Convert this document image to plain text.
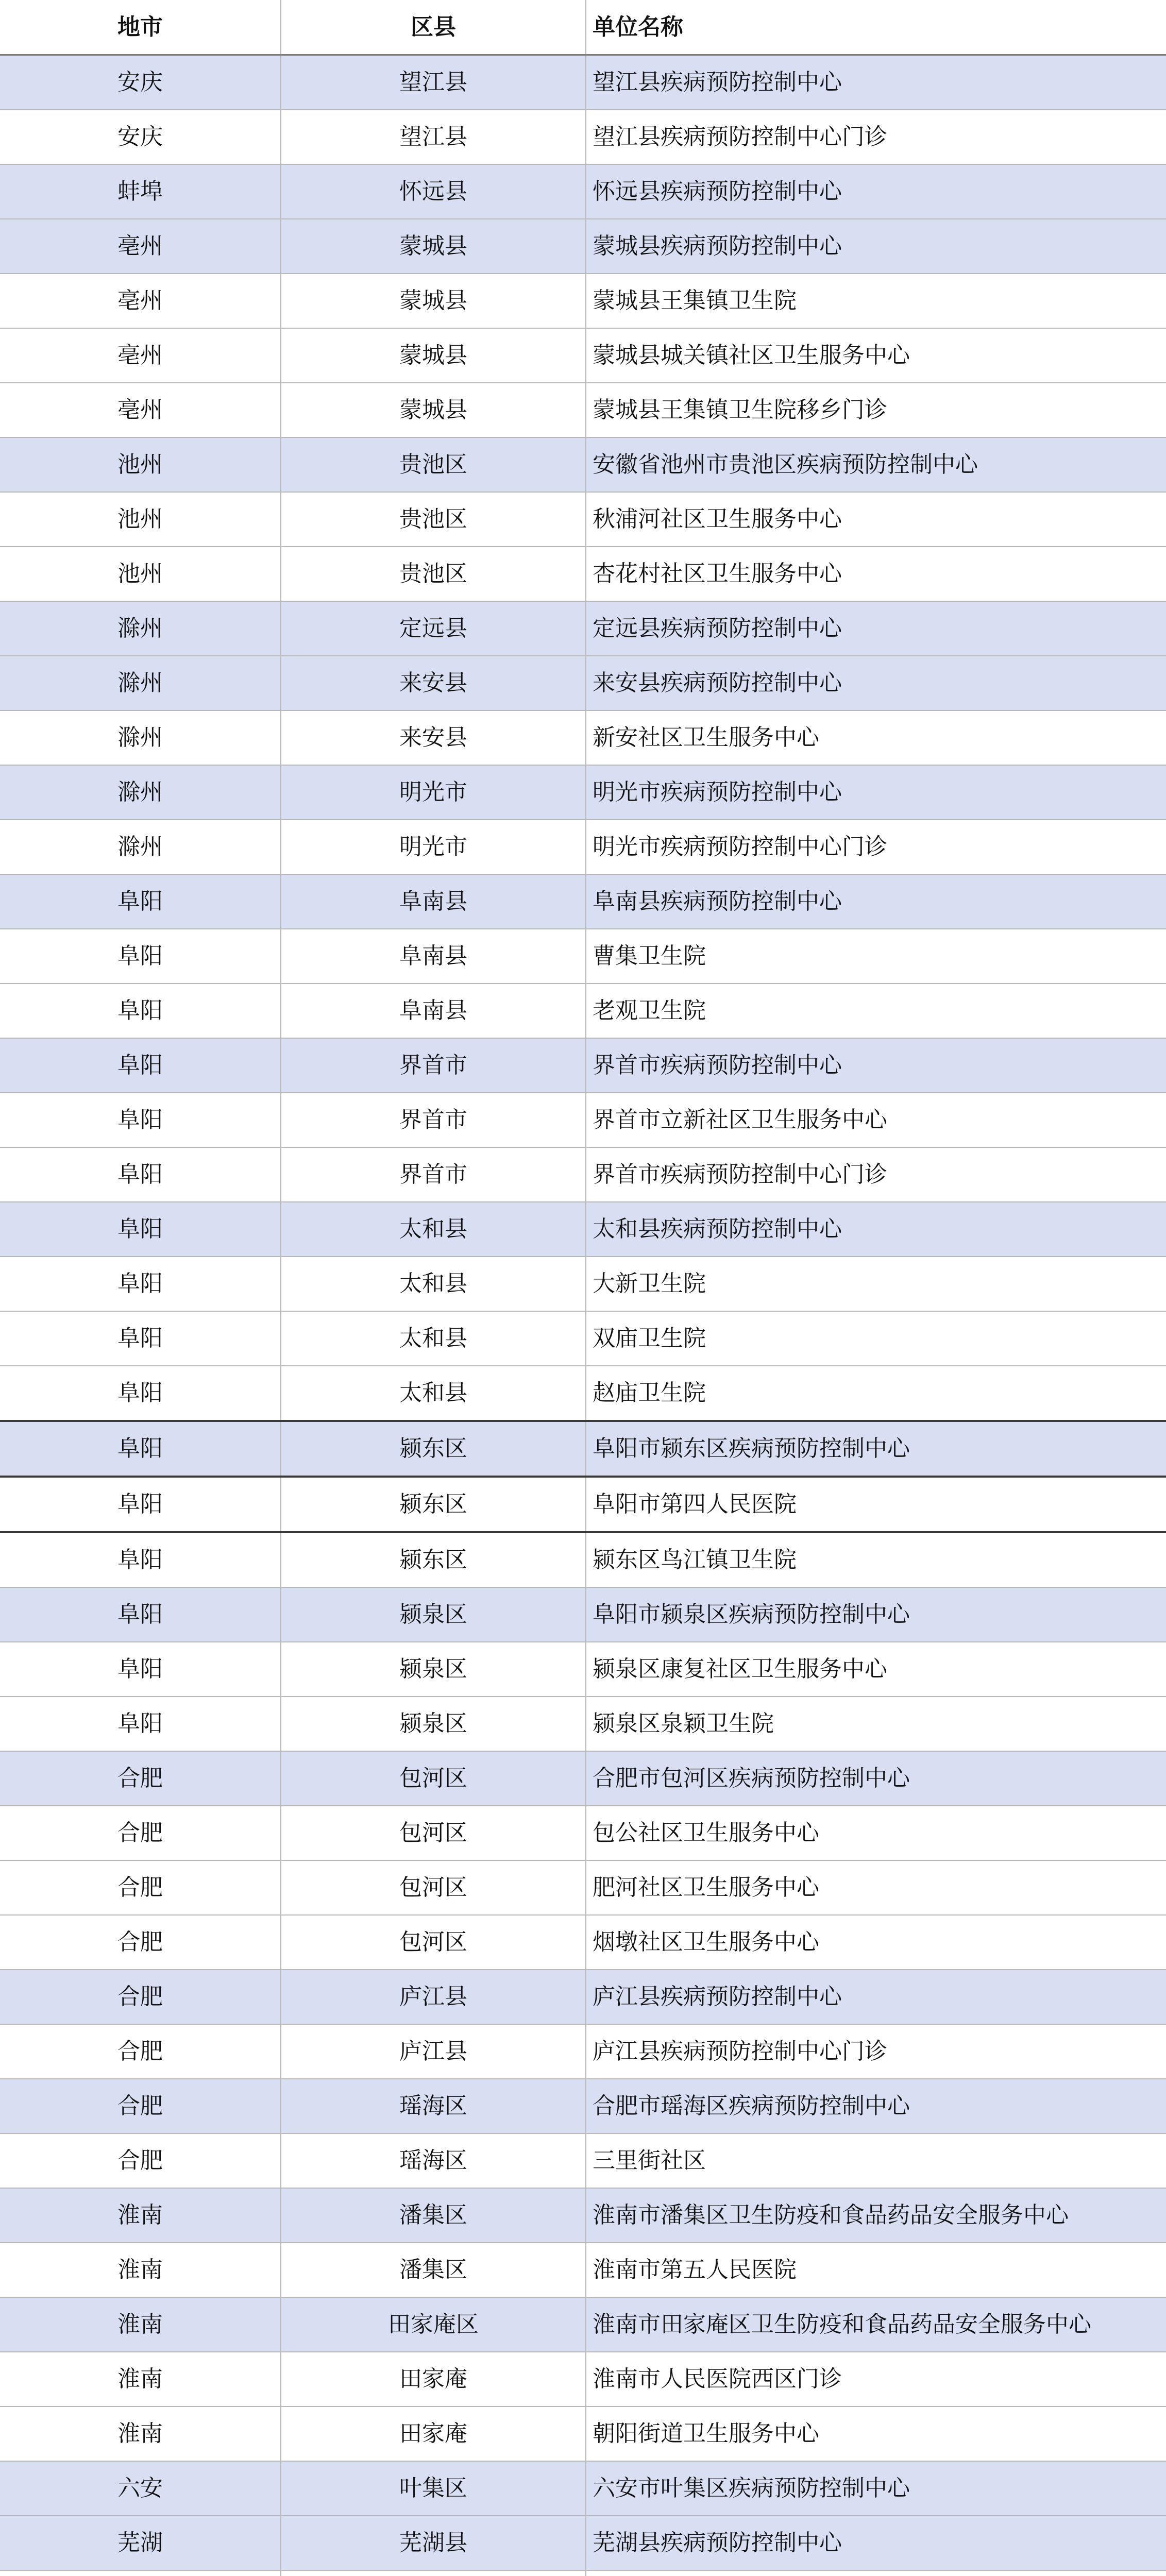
地市	区县	单位名称
安庆	望江县	望江县疾病预防控制中心
安庆	望江县	望江县疾病预防控制中心门诊
蚌埠	怀远县	怀远县疾病预防控制中心
亳州	蒙城县	蒙城县疾病预防控制中心
亳州	蒙城县	蒙城县王集镇卫生院
亳州	蒙城县	蒙城县城关镇社区卫生服务中心
亳州	蒙城县	蒙城县王集镇卫生院移乡门诊
池州	贵池区	安徽省池州市贵池区疾病预防控制中心
池州	贵池区	秋浦河社区卫生服务中心
池州	贵池区	杏花村社区卫生服务中心
滁州	定远县	定远县疾病预防控制中心
滁州	来安县	来安县疾病预防控制中心
滁州	来安县	新安社区卫生服务中心
滁州	明光市	明光市疾病预防控制中心
滁州	明光市	明光市疾病预防控制中心门诊
阜阳	阜南县	阜南县疾病预防控制中心
阜阳	阜南县	曹集卫生院
阜阳	阜南县	老观卫生院
阜阳	界首市	界首市疾病预防控制中心
阜阳	界首市	界首市立新社区卫生服务中心
阜阳	界首市	界首市疾病预防控制中心门诊
阜阳	太和县	太和县疾病预防控制中心
阜阳	太和县	大新卫生院
阜阳	太和县	双庙卫生院
阜阳	太和县	赵庙卫生院
阜阳	颍东区	阜阳市颍东区疾病预防控制中心
阜阳	颍东区	阜阳市第四人民医院
阜阳	颍东区	颍东区鸟江镇卫生院
阜阳	颍泉区	阜阳市颍泉区疾病预防控制中心
阜阳	颍泉区	颍泉区康复社区卫生服务中心
阜阳	颍泉区	颍泉区泉颖卫生院
合肥	包河区	合肥市包河区疾病预防控制中心
合肥	包河区	包公社区卫生服务中心
合肥	包河区	肥河社区卫生服务中心
合肥	包河区	烟墩社区卫生服务中心
合肥	庐江县	庐江县疾病预防控制中心
合肥	庐江县	庐江县疾病预防控制中心门诊
合肥	瑶海区	合肥市瑶海区疾病预防控制中心
合肥	瑶海区	三里街社区
淮南	潘集区	淮南市潘集区卫生防疫和食品药品安全服务中心
淮南	潘集区	淮南市第五人民医院
淮南	田家庵区	淮南市田家庵区卫生防疫和食品药品安全服务中心
淮南	田家庵	淮南市人民医院西区门诊
淮南	田家庵	朝阳街道卫生服务中心
六安	叶集区	六安市叶集区疾病预防控制中心
芜湖	芜湖县	芜湖县疾病预防控制中心
